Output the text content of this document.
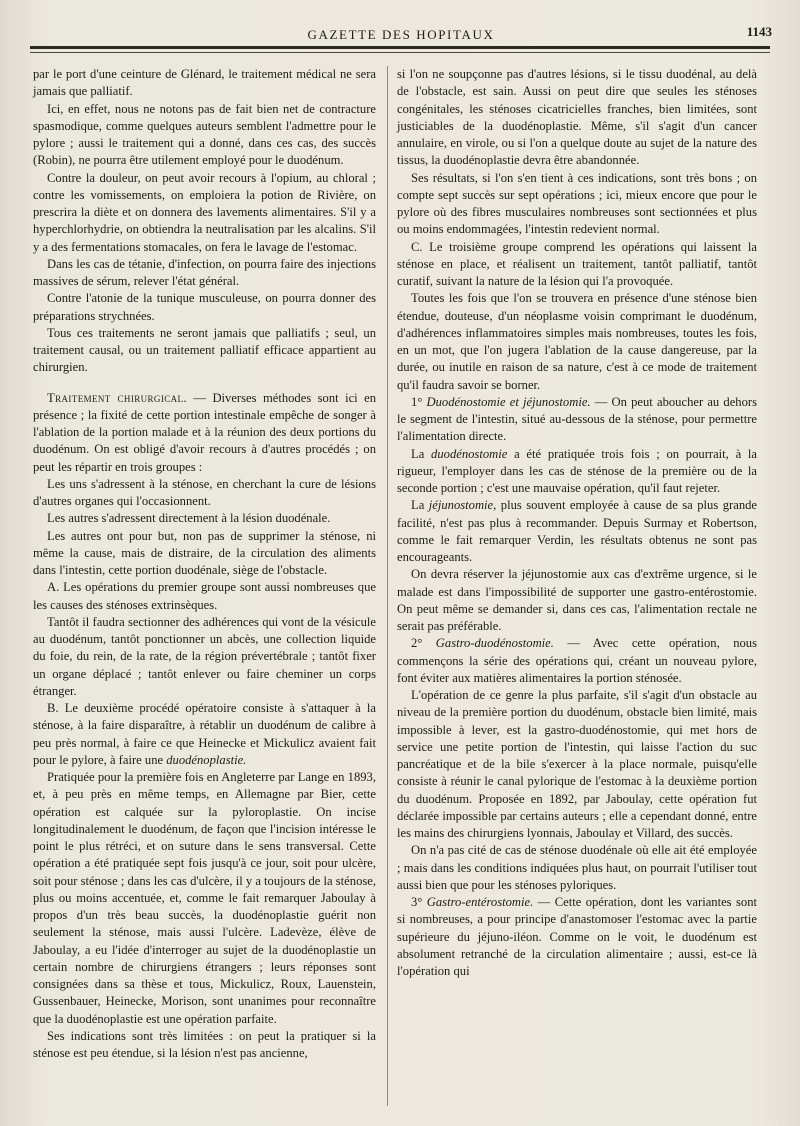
GAZETTE DES HOPITAUX	1143

par le port d'une ceinture de Glénard, le traitement médical ne sera jamais que palliatif.

Ici, en effet, nous ne notons pas de fait bien net de contracture spasmodique, comme quelques auteurs semblent l'admettre pour le pylore ; aussi le traitement qui a donné, dans ces cas, des succès (Robin), ne pourra être utilement employé pour le duodénum.

Contre la douleur, on peut avoir recours à l'opium, au chloral ; contre les vomissements, on emploiera la potion de Rivière, on prescrira la diète et on donnera des lavements alimentaires. S'il y a hyperchlorhydrie, on obtiendra la neutralisation par les alcalins. S'il y a des fermentations stomacales, on fera le lavage de l'estomac.

Dans les cas de tétanie, d'infection, on pourra faire des injections massives de sérum, relever l'état général.

Contre l'atonie de la tunique musculeuse, on pourra donner des préparations strychnées.

Tous ces traitements ne seront jamais que palliatifs ; seul, un traitement causal, ou un traitement palliatif efficace appartient au chirurgien.

Traitement chirurgical. — Diverses méthodes sont ici en présence ; la fixité de cette portion intestinale empêche de songer à l'ablation de la portion malade et à la réunion des deux portions du duodénum. On est obligé d'avoir recours à d'autres procédés ; on peut les répartir en trois groupes :

Les uns s'adressent à la sténose, en cherchant la cure de lésions d'autres organes qui l'occasionnent.

Les autres s'adressent directement à la lésion duodénale.

Les autres ont pour but, non pas de supprimer la sténose, ni même la cause, mais de distraire, de la circulation des aliments dans l'intestin, cette portion duodénale, siège de l'obstacle.

A. Les opérations du premier groupe sont aussi nombreuses que les causes des sténoses extrinsèques.

Tantôt il faudra sectionner des adhérences qui vont de la vésicule au duodénum, tantôt ponctionner un abcès, une collection liquide du foie, du rein, de la rate, de la région prévertébrale ; tantôt fixer un organe déplacé ; tantôt enlever ou faire cheminer un corps étranger.

B. Le deuxième procédé opératoire consiste à s'attaquer à la sténose, à la faire disparaître, à rétablir un duodénum de calibre à peu près normal, à faire ce que Heinecke et Mickulicz avaient fait pour le pylore, à faire une duodénoplastie.

Pratiquée pour la première fois en Angleterre par Lange en 1893, et, à peu près en même temps, en Allemagne par Bier, cette opération est calquée sur la pyloroplastie. On incise longitudinalement le duodénum, de façon que l'incision intéresse le point le plus rétréci, et on suture dans le sens transversal. Cette opération a été pratiquée sept fois jusqu'à ce jour, soit pour ulcère, soit pour sténose ; dans les cas d'ulcère, il y a toujours de la sténose, plus ou moins accentuée, et, comme le fait remarquer Jaboulay à propos d'un très beau succès, la duodénoplastie guérit non seulement la sténose, mais aussi l'ulcère. Ladevèze, élève de Jaboulay, a eu l'idée d'interroger au sujet de la duodénoplastie un certain nombre de chirurgiens étrangers ; leurs réponses sont consignées dans sa thèse et tous, Mickulicz, Roux, Lauenstein, Gussenbauer, Heinecke, Morison, sont unanimes pour reconnaître que la duodénoplastie est une opération parfaite.

Ses indications sont très limitées : on peut la pratiquer si la sténose est peu étendue, si la lésion n'est pas ancienne,

si l'on ne soupçonne pas d'autres lésions, si le tissu duodénal, au delà de l'obstacle, est sain. Aussi on peut dire que seules les sténoses congénitales, les sténoses cicatricielles franches, bien limitées, sont justiciables de la duodénoplastie. Même, s'il s'agit d'un cancer annulaire, en virole, ou si l'on a quelque doute au sujet de la nature des tissus, la duodénoplastie devra être abandonnée.

Ses résultats, si l'on s'en tient à ces indications, sont très bons ; on compte sept succès sur sept opérations ; ici, mieux encore que pour le pylore où des fibres musculaires nombreuses sont sectionnées et plus ou moins endommagées, l'intestin redevient normal.

C. Le troisième groupe comprend les opérations qui laissent la sténose en place, et réalisent un traitement, tantôt palliatif, tantôt curatif, suivant la nature de la lésion qui l'a provoquée.

Toutes les fois que l'on se trouvera en présence d'une sténose bien étendue, douteuse, d'un néoplasme voisin comprimant le duodénum, d'adhérences inflammatoires simples mais nombreuses, toutes les fois, en un mot, que l'on jugera l'ablation de la cause dangereuse, par la durée, ou inutile en raison de sa nature, c'est à ce mode de traitement qu'il faudra savoir se borner.

1° Duodénostomie et jéjunostomie. — On peut aboucher au dehors le segment de l'intestin, situé au-dessous de la sténose, pour permettre l'alimentation directe.

La duodénostomie a été pratiquée trois fois ; on pourrait, à la rigueur, l'employer dans les cas de sténose de la première ou de la seconde portion ; c'est une mauvaise opération, qu'il faut rejeter.

La jéjunostomie, plus souvent employée à cause de sa plus grande facilité, n'est pas plus à recommander. Depuis Surmay et Robertson, comme le fait remarquer Verdin, les résultats obtenus ne sont pas encourageants.

On devra réserver la jéjunostomie aux cas d'extrême urgence, si le malade est dans l'impossibilité de supporter une gastro-entérostomie. On peut même se demander si, dans ces cas, l'alimentation rectale ne serait pas préférable.

2° Gastro-duodénostomie. — Avec cette opération, nous commençons la série des opérations qui, créant un nouveau pylore, font éviter aux matières alimentaires la portion sténosée.

L'opération de ce genre la plus parfaite, s'il s'agit d'un obstacle au niveau de la première portion du duodénum, obstacle bien limité, mais impossible à lever, est la gastro-duodénostomie, qui met hors de service une petite portion de l'intestin, qui laisse l'action du suc pancréatique et de la bile s'exercer à la place normale, puisqu'elle consiste à réunir le canal pylorique de l'estomac à la deuxième portion du duodénum. Proposée en 1892, par Jaboulay, cette opération fut déclarée impossible par certains auteurs ; elle a cependant donné, entre les mains des chirurgiens lyonnais, Jaboulay et Villard, des succès.

On n'a pas cité de cas de sténose duodénale où elle ait été employée ; mais dans les conditions indiquées plus haut, on pourrait l'utiliser tout aussi bien que pour les sténoses pyloriques.

3° Gastro-entérostomie. — Cette opération, dont les variantes sont si nombreuses, a pour principe d'anastomoser l'estomac avec la partie supérieure du jéjuno-iléon. Comme on le voit, le duodénum est absolument retranché de la circulation alimentaire ; aussi, est-ce là l'opération qui
